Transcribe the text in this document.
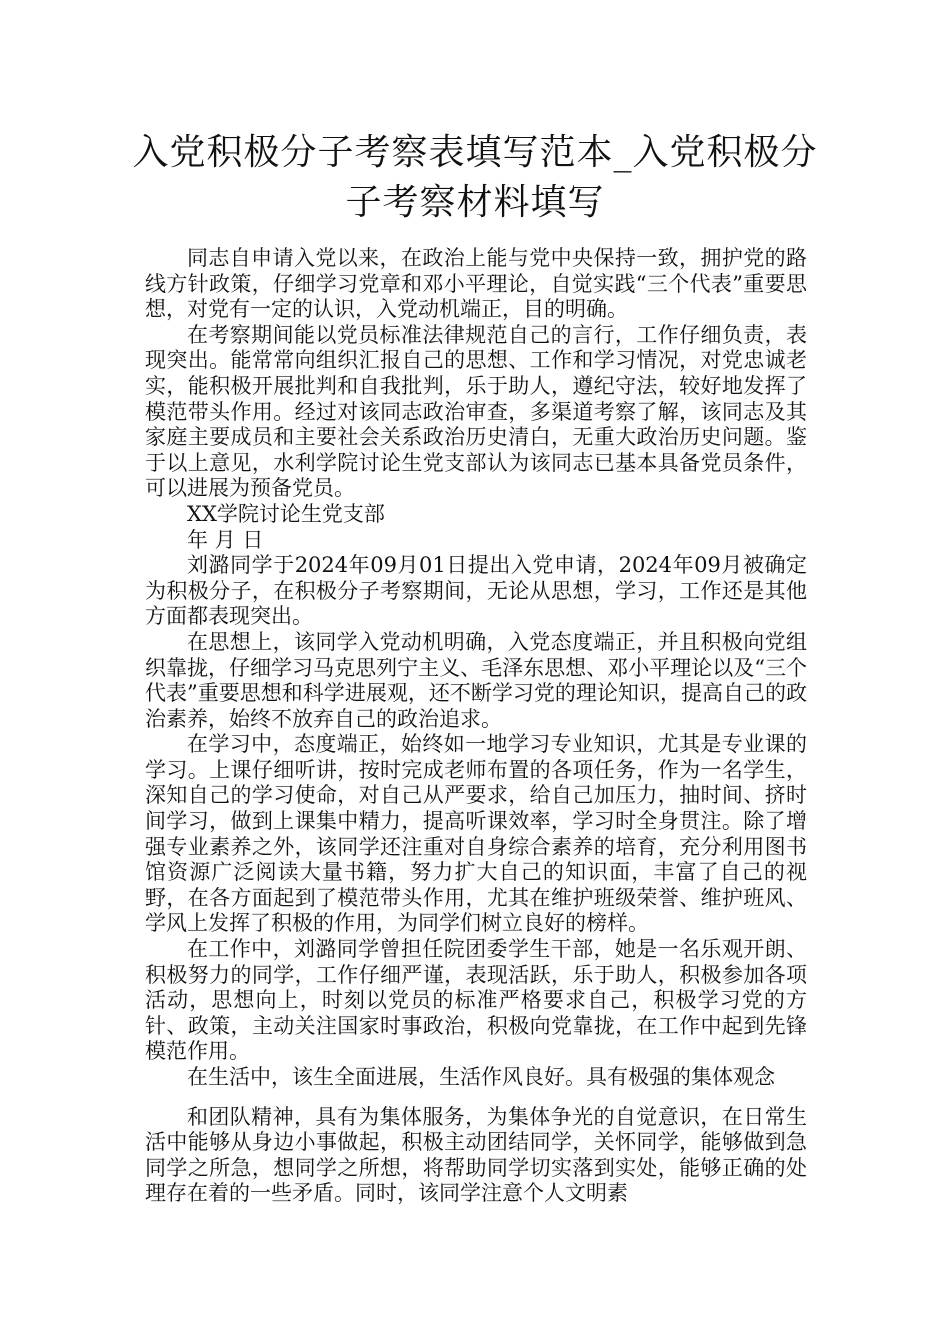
入党积极分子考察表填写范本_入党积极分
子考察材料填写

同志自申请入党以来，在政治上能与党中央保持一致，拥护党的路线方针政策，仔细学习党章和邓小平理论，自觉实践“三个代表”重要思想，对党有一定的认识，入党动机端正，目的明确。

在考察期间能以党员标准法律规范自己的言行，工作仔细负责，表现突出。能常常向组织汇报自己的思想、工作和学习情况，对党忠诚老实，能积极开展批判和自我批判，乐于助人，遵纪守法，较好地发挥了模范带头作用。经过对该同志政治审查，多渠道考察了解，该同志及其家庭主要成员和主要社会关系政治历史清白，无重大政治历史问题。鉴于以上意见，水利学院讨论生党支部认为该同志已基本具备党员条件，可以进展为预备党员。

XX学院讨论生党支部

年 月 日

刘潞同学于2024年09月01日提出入党申请，2024年09月被确定为积极分子，在积极分子考察期间，无论从思想，学习，工作还是其他方面都表现突出。

在思想上，该同学入党动机明确，入党态度端正，并且积极向党组织靠拢，仔细学习马克思列宁主义、毛泽东思想、邓小平理论以及“三个代表”重要思想和科学进展观，还不断学习党的理论知识，提高自己的政治素养，始终不放弃自己的政治追求。

在学习中，态度端正，始终如一地学习专业知识，尤其是专业课的学习。上课仔细听讲，按时完成老师布置的各项任务，作为一名学生，深知自己的学习使命，对自己从严要求，给自己加压力，抽时间、挤时间学习，做到上课集中精力，提高听课效率，学习时全身贯注。除了增强专业素养之外，该同学还注重对自身综合素养的培育，充分利用图书馆资源广泛阅读大量书籍，努力扩大自己的知识面，丰富了自己的视野，在各方面起到了模范带头作用，尤其在维护班级荣誉、维护班风、学风上发挥了积极的作用，为同学们树立良好的榜样。

在工作中，刘潞同学曾担任院团委学生干部，她是一名乐观开朗、积极努力的同学，工作仔细严谨，表现活跃，乐于助人，积极参加各项活动，思想向上，时刻以党员的标准严格要求自己，积极学习党的方针、政策，主动关注国家时事政治，积极向党靠拢，在工作中起到先锋模范作用。

在生活中，该生全面进展，生活作风良好。具有极强的集体观念

和团队精神，具有为集体服务，为集体争光的自觉意识，在日常生活中能够从身边小事做起，积极主动团结同学，关怀同学，能够做到急同学之所急，想同学之所想，将帮助同学切实落到实处，能够正确的处理存在着的一些矛盾。同时，该同学注意个人文明素
